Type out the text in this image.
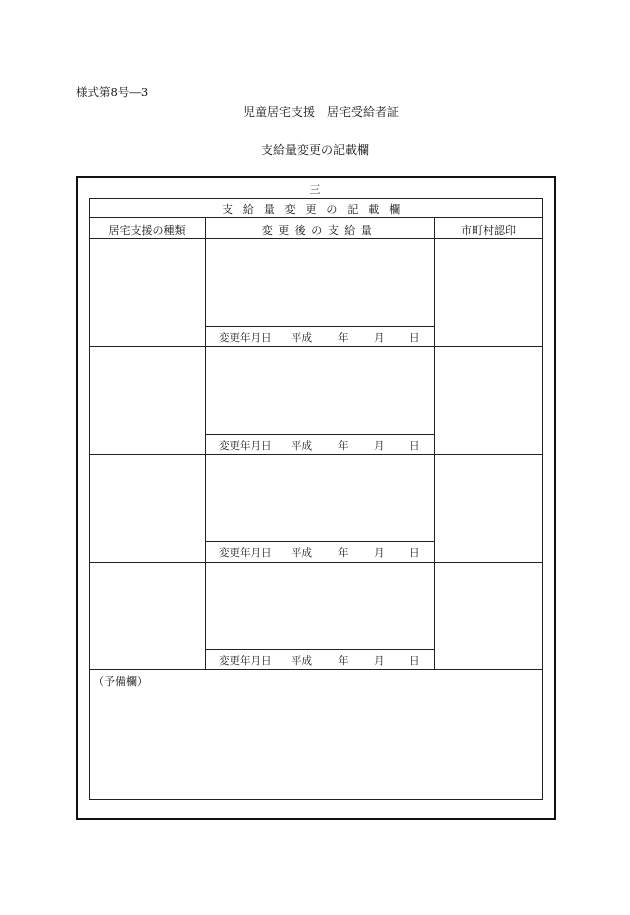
様式第8号―3
児童居宅支援　居宅受給者証
支給量変更の記載欄
三
支給量変更の記載欄
居宅支援の種類	変更後の支給量	市町村認印
変更年月日 平成 年 月 日
変更年月日 平成 年 月 日
変更年月日 平成 年 月 日
変更年月日 平成 年 月 日
（予備欄）
